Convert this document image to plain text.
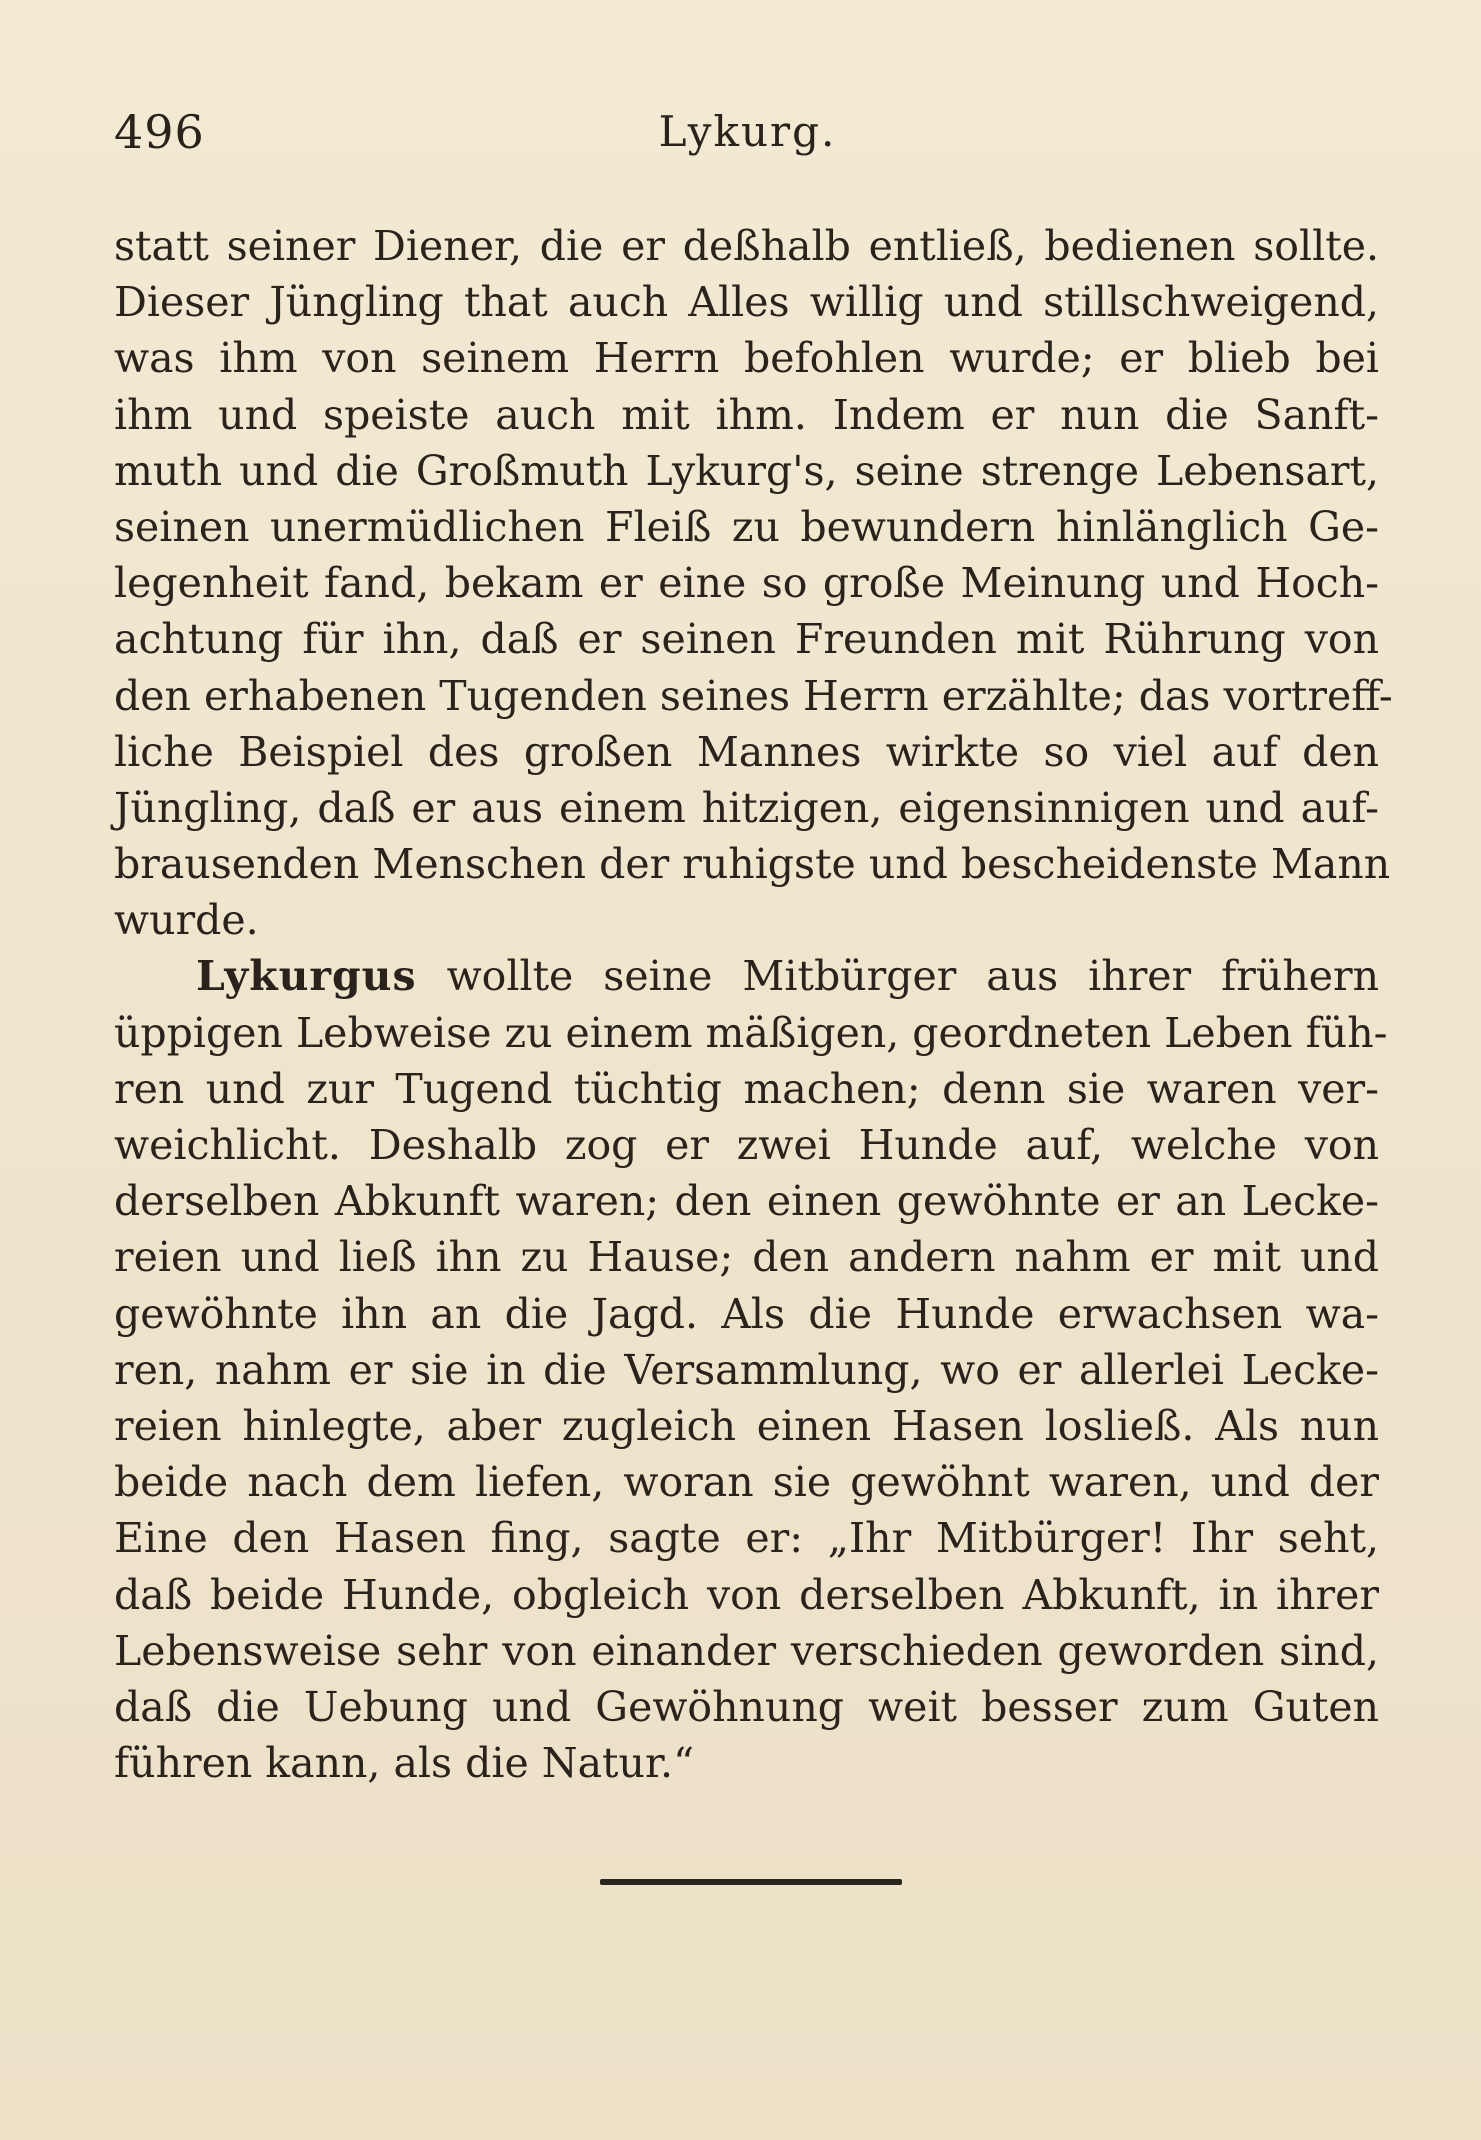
496	Lykurg.
statt seiner Diener, die er deßhalb entließ, bedienen sollte.
Dieser Jüngling that auch Alles willig und stillschweigend,
was ihm von seinem Herrn befohlen wurde; er blieb bei
ihm und speiste auch mit ihm. Indem er nun die Sanft-
muth und die Großmuth Lykurg's, seine strenge Lebensart,
seinen unermüdlichen Fleiß zu bewundern hinlänglich Ge-
legenheit fand, bekam er eine so große Meinung und Hoch-
achtung für ihn, daß er seinen Freunden mit Rührung von
den erhabenen Tugenden seines Herrn erzählte; das vortreff-
liche Beispiel des großen Mannes wirkte so viel auf den
Jüngling, daß er aus einem hitzigen, eigensinnigen und auf-
brausenden Menschen der ruhigste und bescheidenste Mann
wurde.
Lykurgus wollte seine Mitbürger aus ihrer frühern
üppigen Lebweise zu einem mäßigen, geordneten Leben füh-
ren und zur Tugend tüchtig machen; denn sie waren ver-
weichlicht. Deshalb zog er zwei Hunde auf, welche von
derselben Abkunft waren; den einen gewöhnte er an Lecke-
reien und ließ ihn zu Hause; den andern nahm er mit und
gewöhnte ihn an die Jagd. Als die Hunde erwachsen wa-
ren, nahm er sie in die Versammlung, wo er allerlei Lecke-
reien hinlegte, aber zugleich einen Hasen losließ. Als nun
beide nach dem liefen, woran sie gewöhnt waren, und der
Eine den Hasen fing, sagte er: „Ihr Mitbürger! Ihr seht,
daß beide Hunde, obgleich von derselben Abkunft, in ihrer
Lebensweise sehr von einander verschieden geworden sind,
daß die Uebung und Gewöhnung weit besser zum Guten
führen kann, als die Natur.“
